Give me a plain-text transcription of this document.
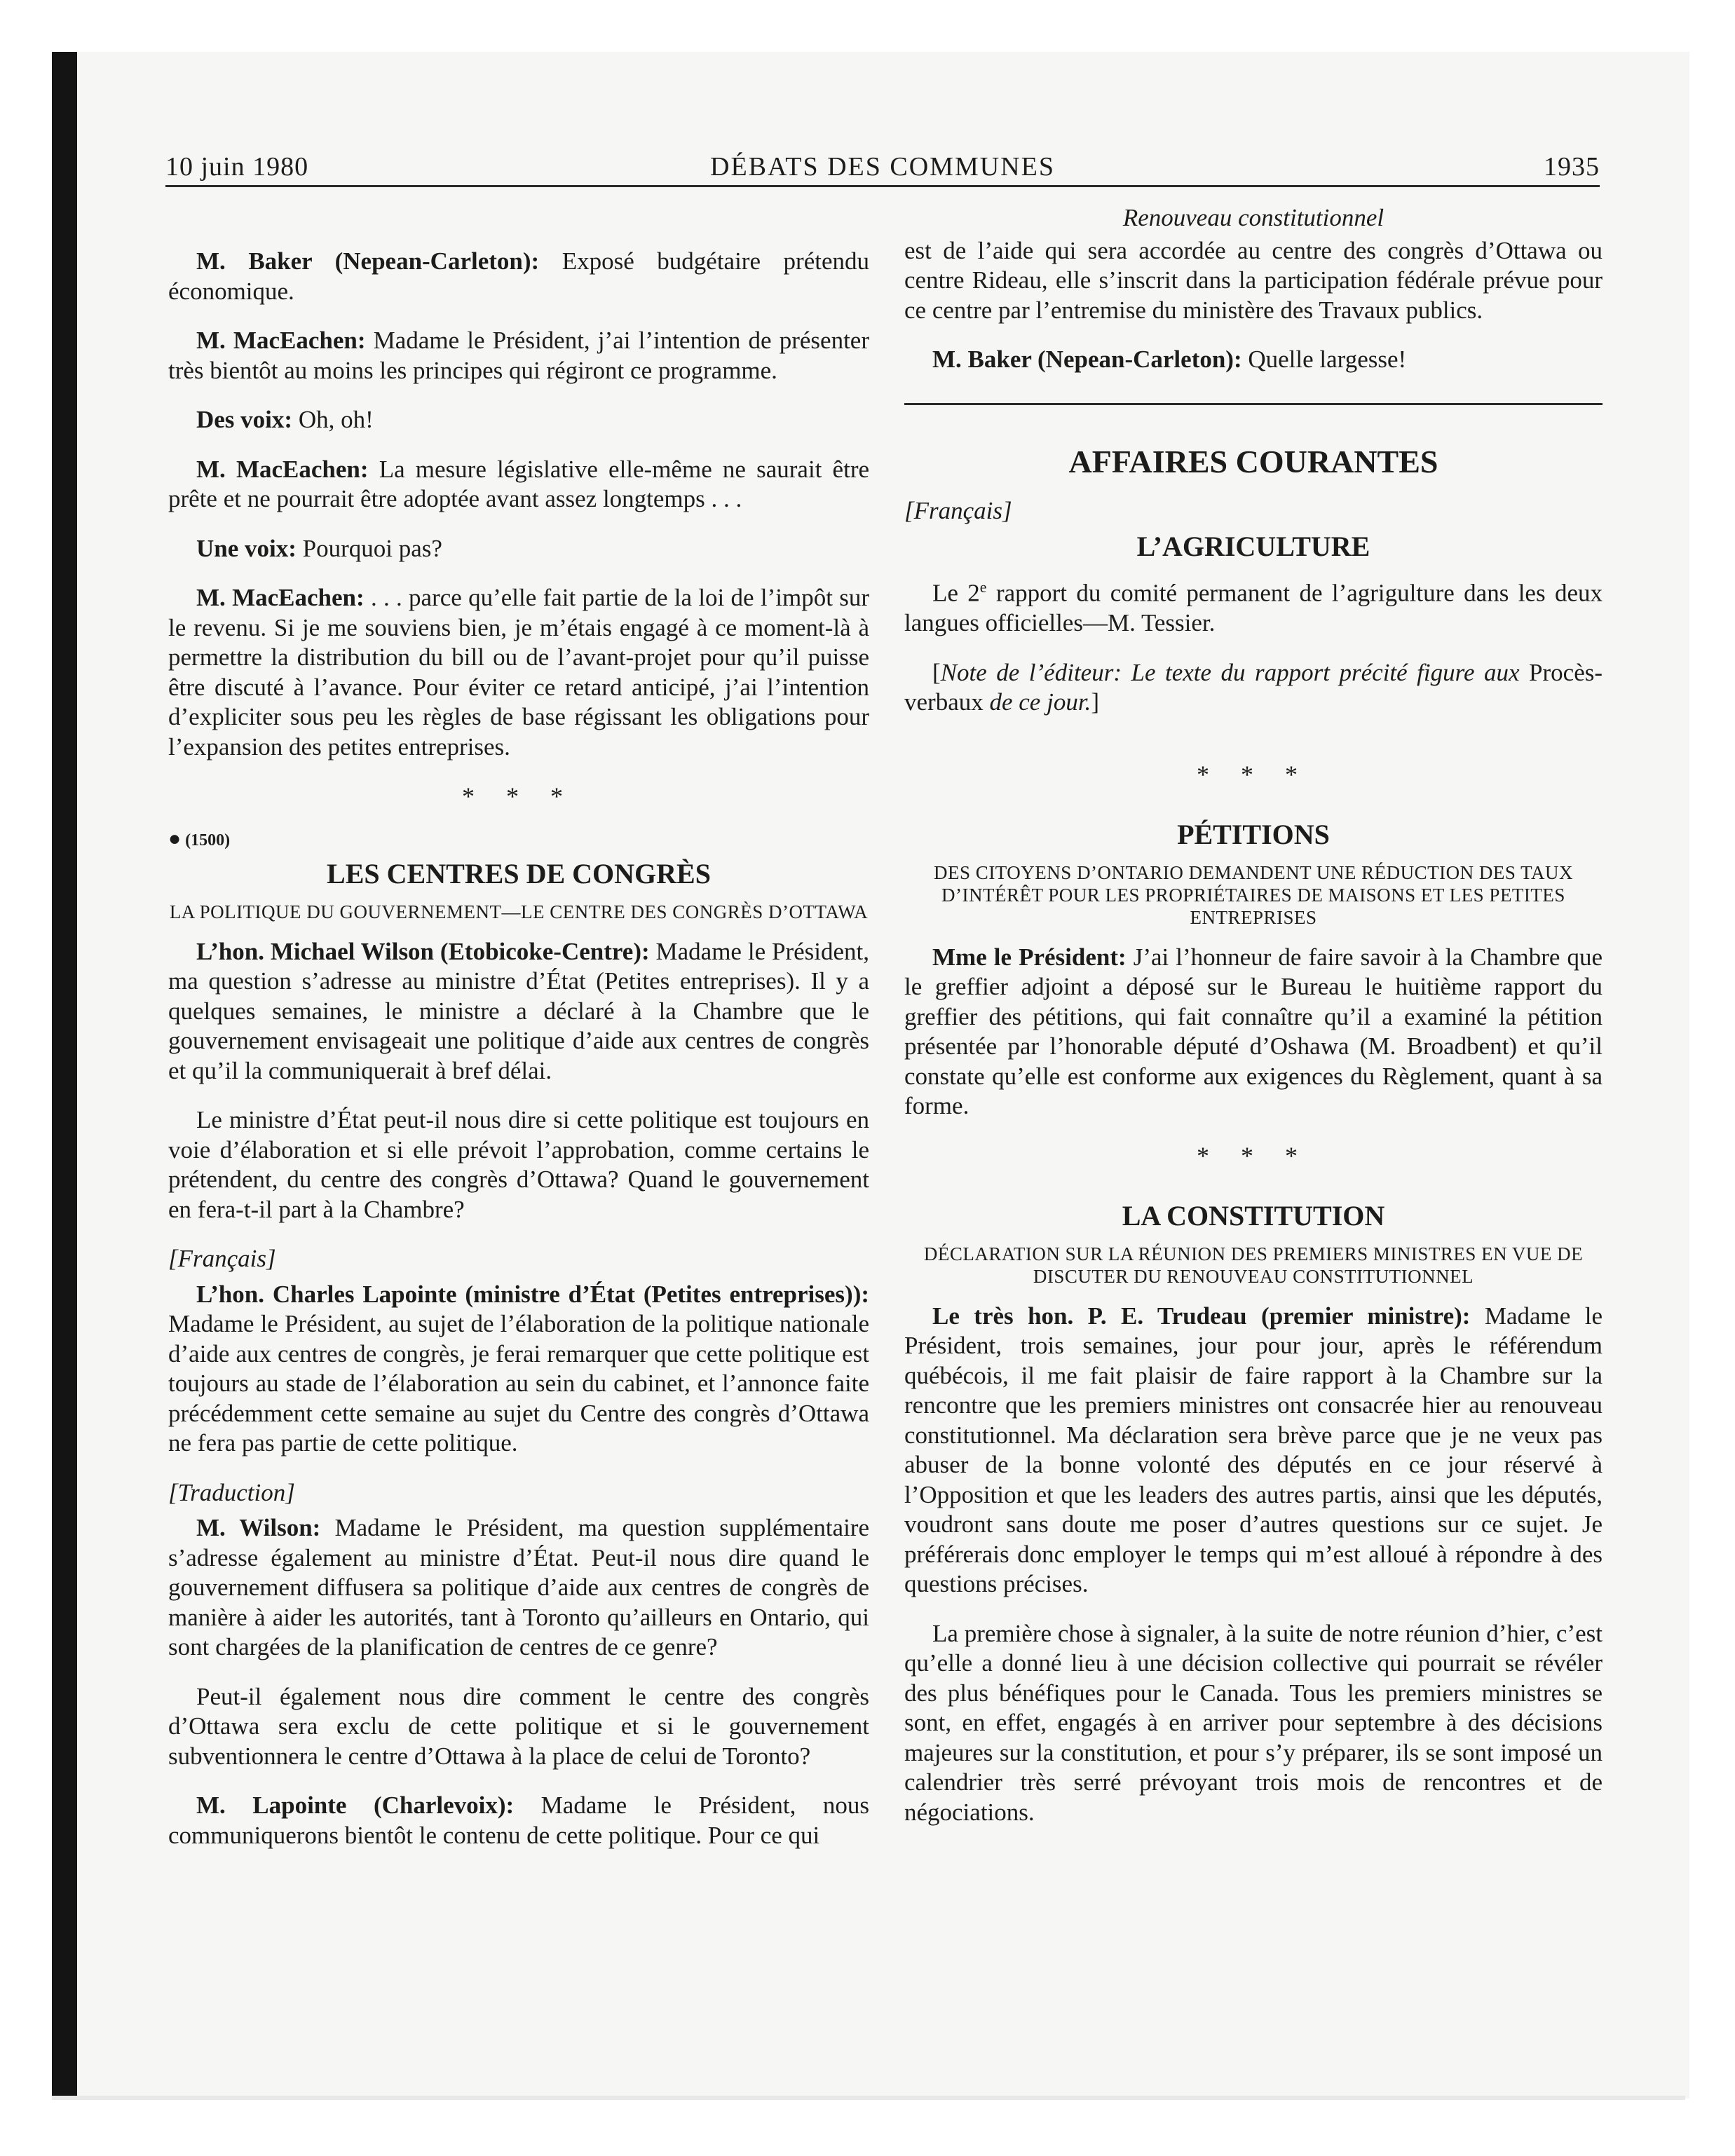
10 juin 1980	DÉBATS DES COMMUNES	1935

M. Baker (Nepean-Carleton): Exposé budgétaire prétendu économique.

M. MacEachen: Madame le Président, j’ai l’intention de présenter très bientôt au moins les principes qui régiront ce programme.

Des voix: Oh, oh!

M. MacEachen: La mesure législative elle-même ne saurait être prête et ne pourrait être adoptée avant assez longtemps . . .

Une voix: Pourquoi pas?

M. MacEachen: . . . parce qu’elle fait partie de la loi de l’impôt sur le revenu. Si je me souviens bien, je m’étais engagé à ce moment-là à permettre la distribution du bill ou de l’avant-projet pour qu’il puisse être discuté à l’avance. Pour éviter ce retard anticipé, j’ai l’intention d’expliciter sous peu les règles de base régissant les obligations pour l’expansion des petites entreprises.

* * *

● (1500)

LES CENTRES DE CONGRÈS

LA POLITIQUE DU GOUVERNEMENT—LE CENTRE DES CONGRÈS D’OTTAWA

L’hon. Michael Wilson (Etobicoke-Centre): Madame le Président, ma question s’adresse au ministre d’État (Petites entreprises). Il y a quelques semaines, le ministre a déclaré à la Chambre que le gouvernement envisageait une politique d’aide aux centres de congrès et qu’il la communiquerait à bref délai.

Le ministre d’État peut-il nous dire si cette politique est toujours en voie d’élaboration et si elle prévoit l’approbation, comme certains le prétendent, du centre des congrès d’Ottawa? Quand le gouvernement en fera-t-il part à la Chambre?

[Français]

L’hon. Charles Lapointe (ministre d’État (Petites entreprises)): Madame le Président, au sujet de l’élaboration de la politique nationale d’aide aux centres de congrès, je ferai remarquer que cette politique est toujours au stade de l’élaboration au sein du cabinet, et l’annonce faite précédemment cette semaine au sujet du Centre des congrès d’Ottawa ne fera pas partie de cette politique.

[Traduction]

M. Wilson: Madame le Président, ma question supplémentaire s’adresse également au ministre d’État. Peut-il nous dire quand le gouvernement diffusera sa politique d’aide aux centres de congrès de manière à aider les autorités, tant à Toronto qu’ailleurs en Ontario, qui sont chargées de la planification de centres de ce genre?

Peut-il également nous dire comment le centre des congrès d’Ottawa sera exclu de cette politique et si le gouvernement subventionnera le centre d’Ottawa à la place de celui de Toronto?

M. Lapointe (Charlevoix): Madame le Président, nous communiquerons bientôt le contenu de cette politique. Pour ce qui

Renouveau constitutionnel

est de l’aide qui sera accordée au centre des congrès d’Ottawa ou centre Rideau, elle s’inscrit dans la participation fédérale prévue pour ce centre par l’entremise du ministère des Travaux publics.

M. Baker (Nepean-Carleton): Quelle largesse!

AFFAIRES COURANTES

[Français]

L’AGRICULTURE

Le 2e rapport du comité permanent de l’agrigulture dans les deux langues officielles—M. Tessier.

[Note de l’éditeur: Le texte du rapport précité figure aux Procès-verbaux de ce jour.]

* * *

PÉTITIONS

DES CITOYENS D’ONTARIO DEMANDENT UNE RÉDUCTION DES TAUX D’INTÉRÊT POUR LES PROPRIÉTAIRES DE MAISONS ET LES PETITES ENTREPRISES

Mme le Président: J’ai l’honneur de faire savoir à la Chambre que le greffier adjoint a déposé sur le Bureau le huitième rapport du greffier des pétitions, qui fait connaître qu’il a examiné la pétition présentée par l’honorable député d’Oshawa (M. Broadbent) et qu’il constate qu’elle est conforme aux exigences du Règlement, quant à sa forme.

* * *

LA CONSTITUTION

DÉCLARATION SUR LA RÉUNION DES PREMIERS MINISTRES EN VUE DE DISCUTER DU RENOUVEAU CONSTITUTIONNEL

Le très hon. P. E. Trudeau (premier ministre): Madame le Président, trois semaines, jour pour jour, après le référendum québécois, il me fait plaisir de faire rapport à la Chambre sur la rencontre que les premiers ministres ont consacrée hier au renouveau constitutionnel. Ma déclaration sera brève parce que je ne veux pas abuser de la bonne volonté des députés en ce jour réservé à l’Opposition et que les leaders des autres partis, ainsi que les députés, voudront sans doute me poser d’autres questions sur ce sujet. Je préférerais donc employer le temps qui m’est alloué à répondre à des questions précises.

La première chose à signaler, à la suite de notre réunion d’hier, c’est qu’elle a donné lieu à une décision collective qui pourrait se révéler des plus bénéfiques pour le Canada. Tous les premiers ministres se sont, en effet, engagés à en arriver pour septembre à des décisions majeures sur la constitution, et pour s’y préparer, ils se sont imposé un calendrier très serré prévoyant trois mois de rencontres et de négociations.
